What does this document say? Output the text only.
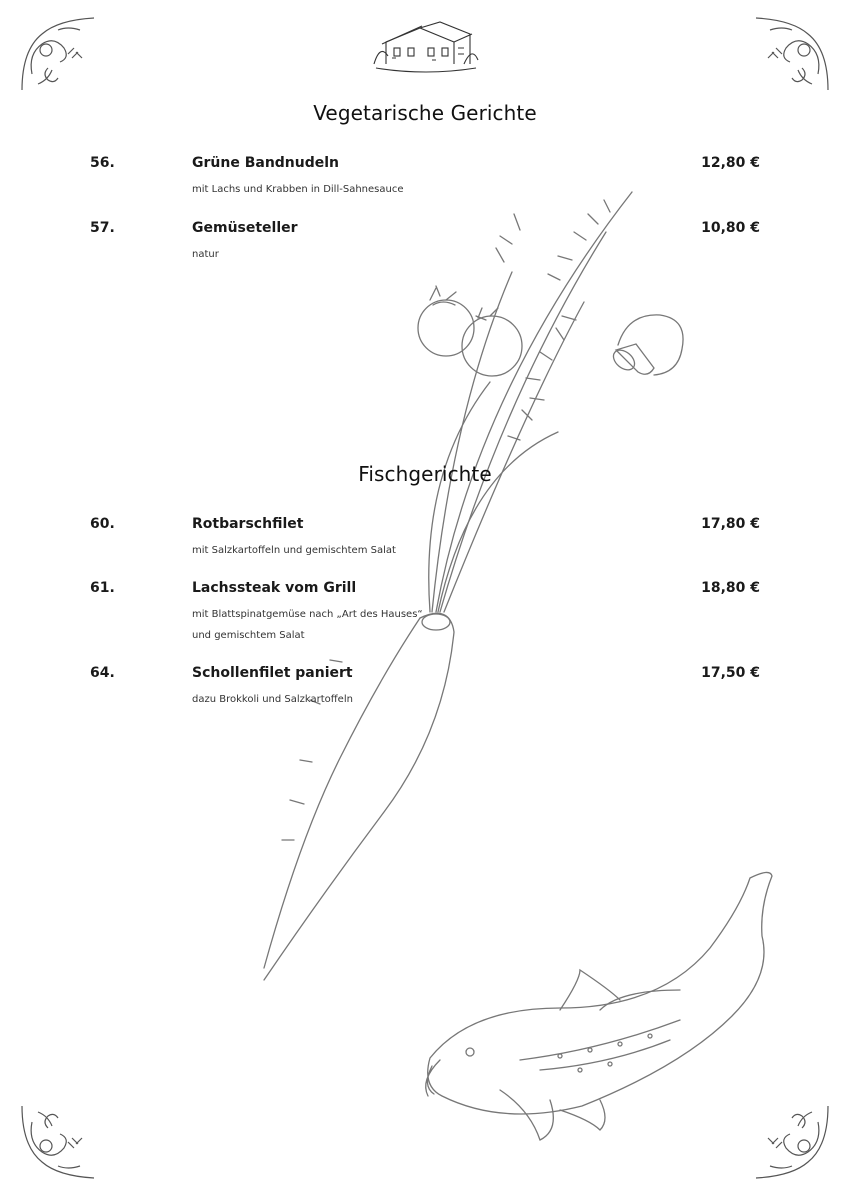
Vegetarische Gerichte
56.	Grüne Bandnudeln	12,80 €
mit Lachs und Krabben in Dill-Sahnesauce
57.	Gemüseteller	10,80 €
natur
Fischgerichte
60.	Rotbarschfilet	17,80 €
mit Salzkartoffeln und gemischtem Salat
61.	Lachssteak vom Grill	18,80 €
mit Blattspinatgemüse nach „Art des Hauses“
und gemischtem Salat
64.	Schollenfilet paniert	17,50 €
dazu Brokkoli und Salzkartoffeln
